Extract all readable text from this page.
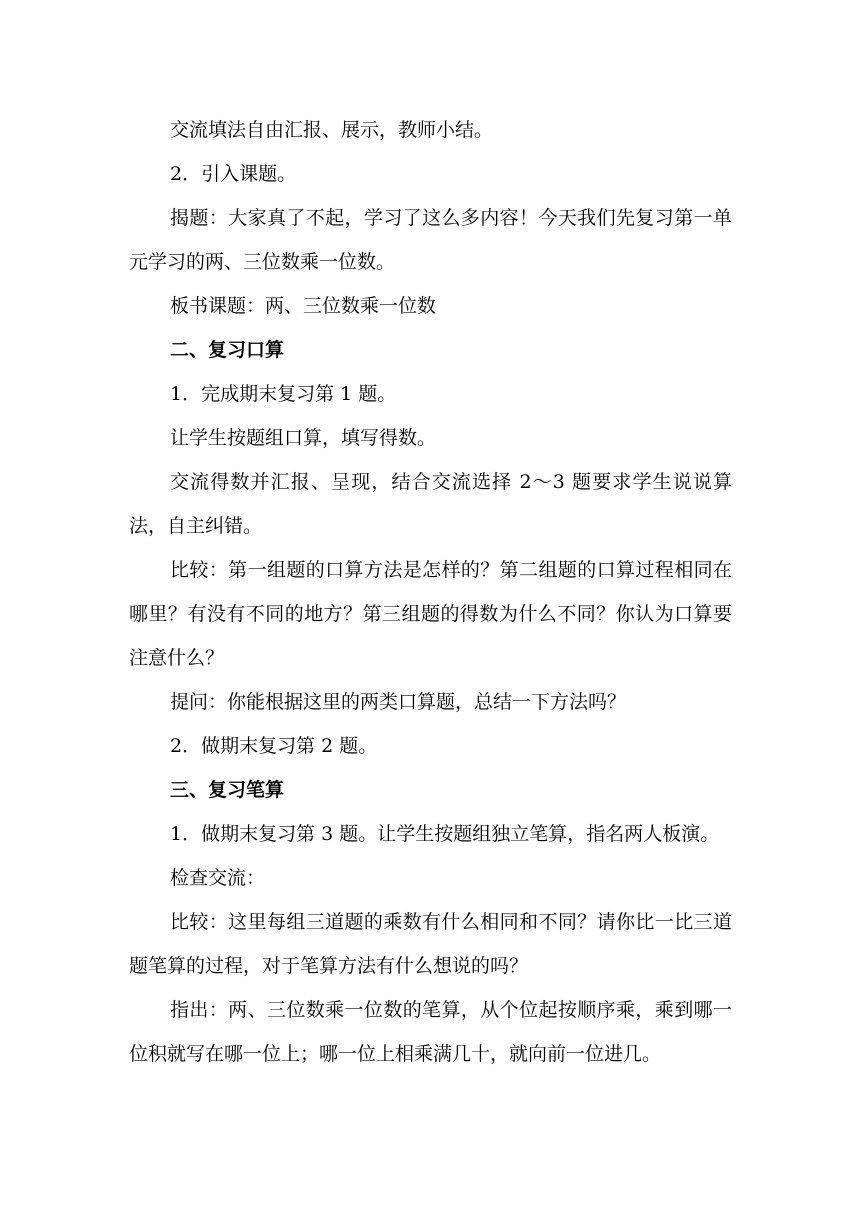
交流填法自由汇报、展示，教师小结。

2．引入课题。

揭题：大家真了不起，学习了这么多内容！今天我们先复习第一单元学习的两、三位数乘一位数。

板书课题：两、三位数乘一位数

二、复习口算

1．完成期末复习第 1 题。

让学生按题组口算，填写得数。

交流得数并汇报、呈现，结合交流选择 2～3 题要求学生说说算法，自主纠错。

比较：第一组题的口算方法是怎样的？第二组题的口算过程相同在哪里？有没有不同的地方？第三组题的得数为什么不同？你认为口算要注意什么？

提问：你能根据这里的两类口算题，总结一下方法吗？

2．做期末复习第 2 题。

三、复习笔算

1．做期末复习第 3 题。让学生按题组独立笔算，指名两人板演。

检查交流：

比较：这里每组三道题的乘数有什么相同和不同？请你比一比三道题笔算的过程，对于笔算方法有什么想说的吗？

指出：两、三位数乘一位数的笔算，从个位起按顺序乘，乘到哪一位积就写在哪一位上；哪一位上相乘满几十，就向前一位进几。
